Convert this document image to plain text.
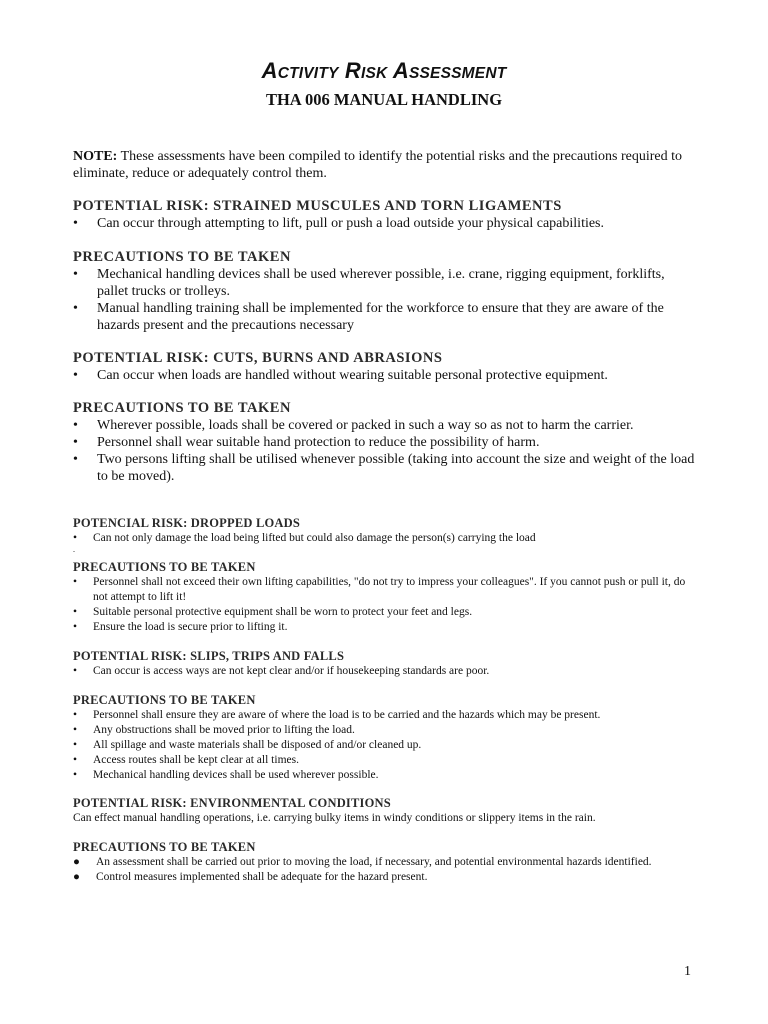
ACTIVITY RISK ASSESSMENT
THA 006 MANUAL HANDLING
NOTE: These assessments have been compiled to identify the potential risks and the precautions required to eliminate, reduce or adequately control them.
POTENTIAL RISK: STRAINED MUSCULES AND TORN LIGAMENTS
• Can occur through attempting to lift, pull or push a load outside your physical capabilities.
PRECAUTIONS TO BE TAKEN
• Mechanical handling devices shall be used wherever possible, i.e. crane, rigging equipment, forklifts, pallet trucks or trolleys.
• Manual handling training shall be implemented for the workforce to ensure that they are aware of the hazards present and the precautions necessary
POTENTIAL RISK: CUTS, BURNS AND ABRASIONS
• Can occur when loads are handled without wearing suitable personal protective equipment.
PRECAUTIONS TO BE TAKEN
• Wherever possible, loads shall be covered or packed in such a way so as not to harm the carrier.
• Personnel shall wear suitable hand protection to reduce the possibility of harm.
• Two persons lifting shall be utilised whenever possible (taking into account the size and weight of the load to be moved).
POTENCIAL RISK: DROPPED LOADS
• Can not only damage the load being lifted but could also damage the person(s) carrying the load
.
PRECAUTIONS TO BE TAKEN
• Personnel shall not exceed their own lifting capabilities, "do not try to impress your colleagues". If you cannot push or pull it, do not attempt to lift it!
• Suitable personal protective equipment shall be worn to protect your feet and legs.
• Ensure the load is secure prior to lifting it.
POTENTIAL RISK: SLIPS, TRIPS AND FALLS
• Can occur is access ways are not kept clear and/or if housekeeping standards are poor.
PRECAUTIONS TO BE TAKEN
• Personnel shall ensure they are aware of where the load is to be carried and the hazards which may be present.
• Any obstructions shall be moved prior to lifting the load.
• All spillage and waste materials shall be disposed of and/or cleaned up.
• Access routes shall be kept clear at all times.
• Mechanical handling devices shall be used wherever possible.
POTENTIAL RISK: ENVIRONMENTAL CONDITIONS
Can effect manual handling operations, i.e. carrying bulky items in windy conditions or slippery items in the rain.
PRECAUTIONS TO BE TAKEN
● An assessment shall be carried out prior to moving the load, if necessary, and potential environmental hazards identified.
● Control measures implemented shall be adequate for the hazard present.
1
